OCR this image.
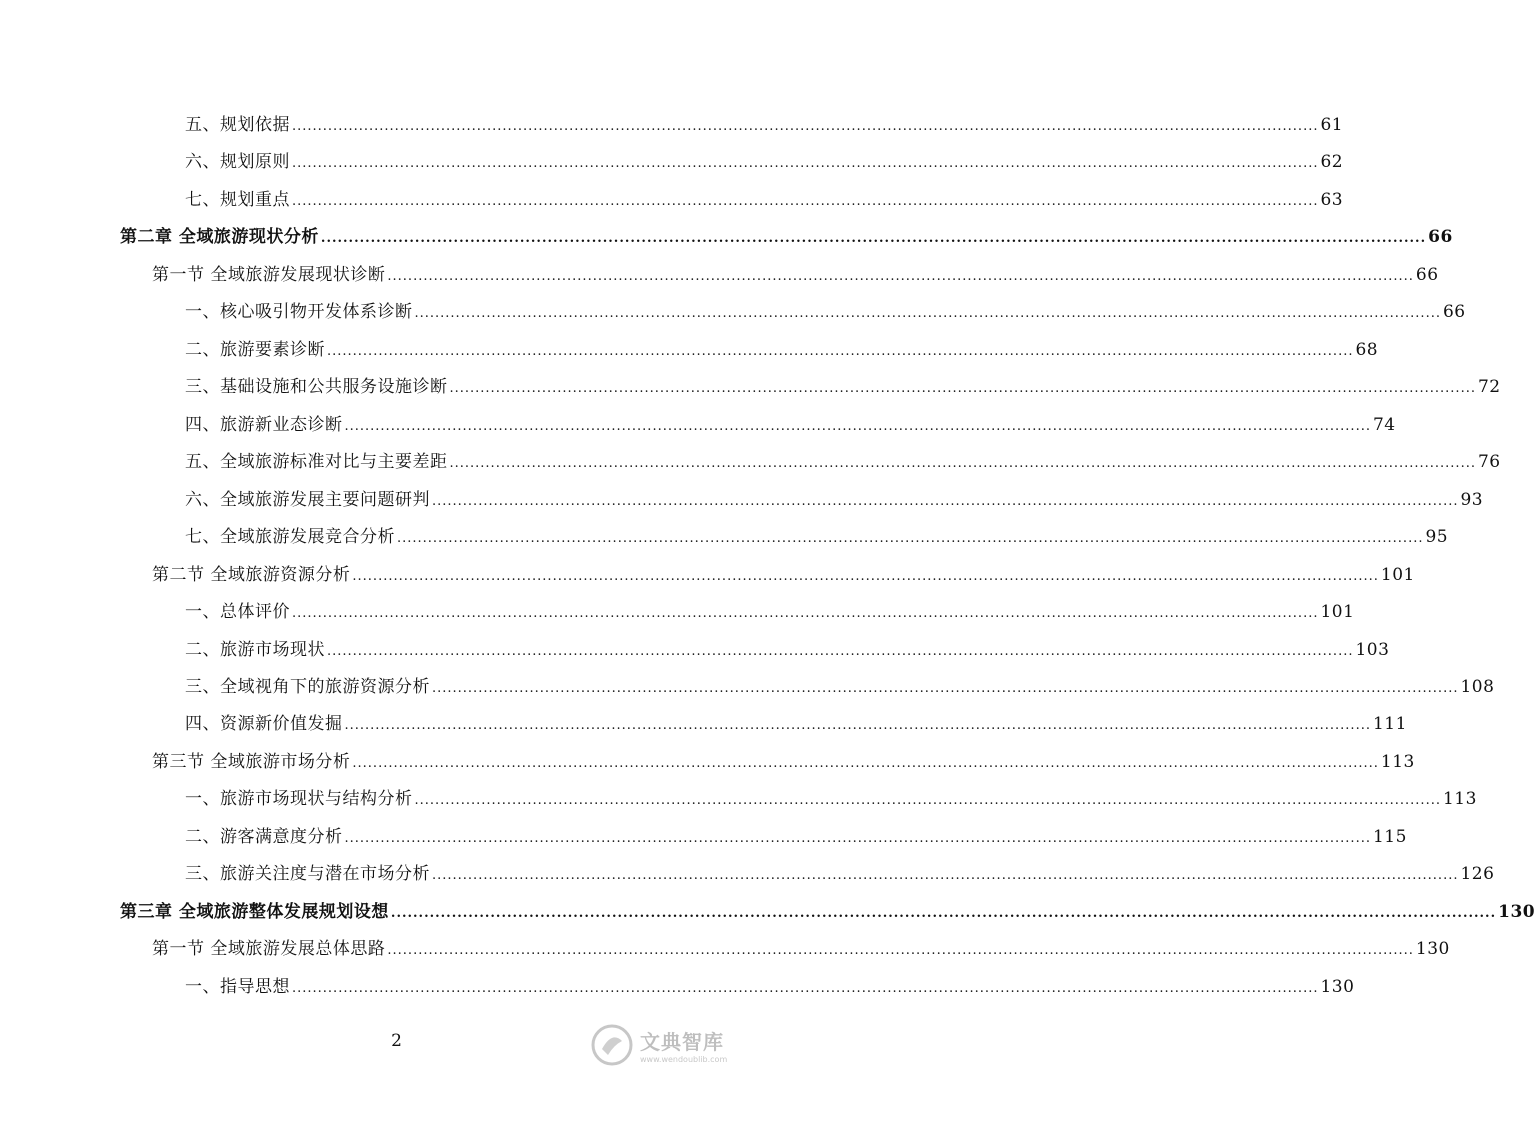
五、规划依据 ........................................................................................................................................................................................................ 61
六、规划原则 ........................................................................................................................................................................................................ 62
七、规划重点 ........................................................................................................................................................................................................ 63
第二章 全域旅游现状分析 ........................................................................................................................................................................................................ 66
第一节 全域旅游发展现状诊断 ........................................................................................................................................................................................................ 66
一、核心吸引物开发体系诊断 ........................................................................................................................................................................................................ 66
二、旅游要素诊断 ........................................................................................................................................................................................................ 68
三、基础设施和公共服务设施诊断 ........................................................................................................................................................................................................ 72
四、旅游新业态诊断 ........................................................................................................................................................................................................ 74
五、全域旅游标准对比与主要差距 ........................................................................................................................................................................................................ 76
六、全域旅游发展主要问题研判 ........................................................................................................................................................................................................ 93
七、全域旅游发展竞合分析 ........................................................................................................................................................................................................ 95
第二节 全域旅游资源分析 ........................................................................................................................................................................................................ 101
一、总体评价 ........................................................................................................................................................................................................ 101
二、旅游市场现状 ........................................................................................................................................................................................................ 103
三、全域视角下的旅游资源分析 ........................................................................................................................................................................................................ 108
四、资源新价值发掘 ........................................................................................................................................................................................................ 111
第三节 全域旅游市场分析 ........................................................................................................................................................................................................ 113
一、旅游市场现状与结构分析 ........................................................................................................................................................................................................ 113
二、游客满意度分析 ........................................................................................................................................................................................................ 115
三、旅游关注度与潜在市场分析 ........................................................................................................................................................................................................ 126
第三章 全域旅游整体发展规划设想 ........................................................................................................................................................................................................ 130
第一节 全域旅游发展总体思路 ........................................................................................................................................................................................................ 130
一、指导思想 ........................................................................................................................................................................................................ 130
2	文典智库
www.wendoublib.com
